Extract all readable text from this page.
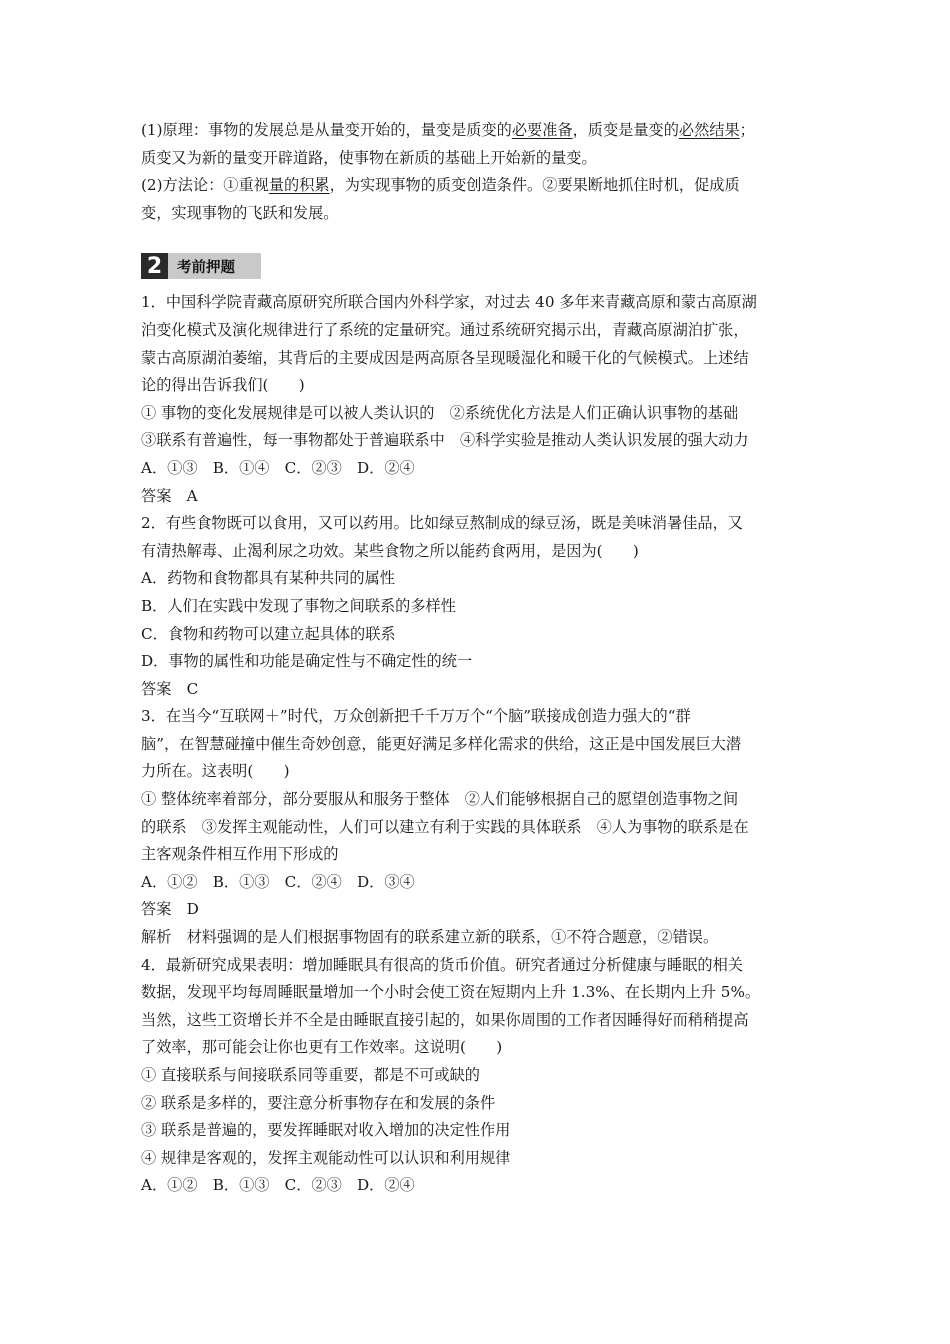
(1)原理：事物的发展总是从量变开始的，量变是质变的必要准备，质变是量变的必然结果；
质变又为新的量变开辟道路，使事物在新质的基础上开始新的量变。
(2)方法论：①重视量的积累，为实现事物的质变创造条件。②要果断地抓住时机，促成质
变，实现事物的飞跃和发展。
2	考前押题
1．中国科学院青藏高原研究所联合国内外科学家，对过去 40 多年来青藏高原和蒙古高原湖
泊变化模式及演化规律进行了系统的定量研究。通过系统研究揭示出，青藏高原湖泊扩张，
蒙古高原湖泊萎缩，其背后的主要成因是两高原各呈现暖湿化和暖干化的气候模式。上述结
论的得出告诉我们(　　)
① 事物的变化发展规律是可以被人类认识的　②系统优化方法是人们正确认识事物的基础
③联系有普遍性，每一事物都处于普遍联系中　④科学实验是推动人类认识发展的强大动力
A．①③　B．①④　C．②③　D．②④
答案　A
2．有些食物既可以食用，又可以药用。比如绿豆熬制成的绿豆汤，既是美味消暑佳品，又
有清热解毒、止渴利尿之功效。某些食物之所以能药食两用，是因为(　　)
A．药物和食物都具有某种共同的属性
B．人们在实践中发现了事物之间联系的多样性
C．食物和药物可以建立起具体的联系
D．事物的属性和功能是确定性与不确定性的统一
答案　C
3．在当今“互联网＋”时代，万众创新把千千万万个“个脑”联接成创造力强大的“群
脑”，在智慧碰撞中催生奇妙创意，能更好满足多样化需求的供给，这正是中国发展巨大潜
力所在。这表明(　　)
① 整体统率着部分，部分要服从和服务于整体　②人们能够根据自己的愿望创造事物之间
的联系　③发挥主观能动性，人们可以建立有利于实践的具体联系　④人为事物的联系是在
主客观条件相互作用下形成的
A．①②　B．①③　C．②④　D．③④
答案　D
解析　材料强调的是人们根据事物固有的联系建立新的联系，①不符合题意，②错误。
4．最新研究成果表明：增加睡眠具有很高的货币价值。研究者通过分析健康与睡眠的相关
数据，发现平均每周睡眠量增加一个小时会使工资在短期内上升 1.3%、在长期内上升 5%。
当然，这些工资增长并不全是由睡眠直接引起的，如果你周围的工作者因睡得好而稍稍提高
了效率，那可能会让你也更有工作效率。这说明(　　)
① 直接联系与间接联系同等重要，都是不可或缺的
② 联系是多样的，要注意分析事物存在和发展的条件
③ 联系是普遍的，要发挥睡眠对收入增加的决定性作用
④ 规律是客观的，发挥主观能动性可以认识和利用规律
A．①②　B．①③　C．②③　D．②④
